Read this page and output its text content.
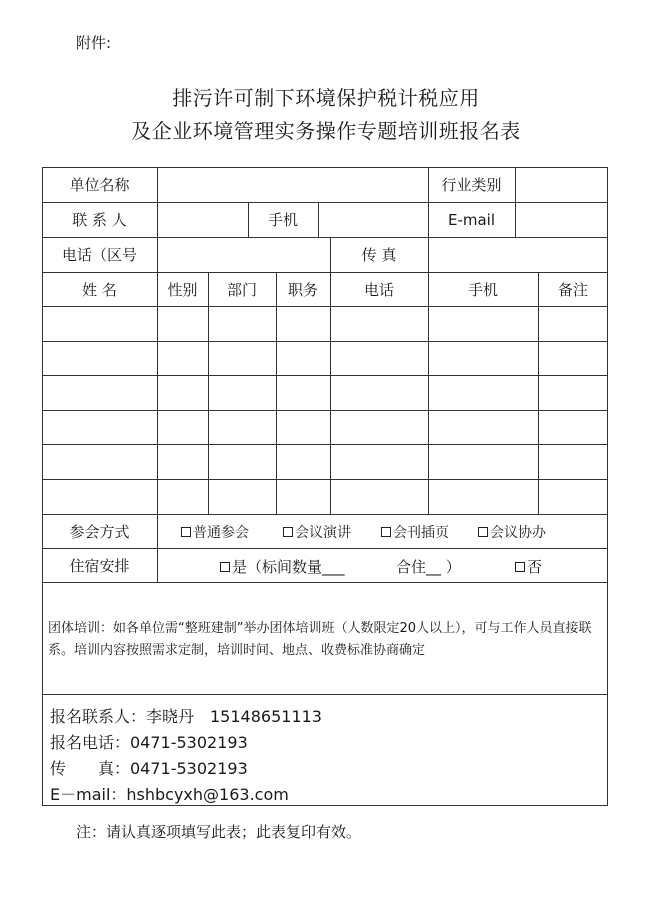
附件:
排污许可制下环境保护税计税应用
及企业环境管理实务操作专题培训班报名表
单位名称	行业类别
联 系 人	手机	E-mail
电话（区号	传 真
姓 名	性别	部门	职务	电话	手机	备注
参会方式	普通参会	会议演讲	会刊插页	会议协办
住宿安排	是（标间数量___	合住__ ）	否
团体培训：如各单位需“整班建制”举办团体培训班（人数限定20人以上），可与工作人员直接联系。培训内容按照需求定制，培训时间、地点、收费标准协商确定
报名联系人：李晓丹　15148651113
报名电话：0471-5302193
传　　真：0471-5302193
E－mail：hshbcyxh@163.com
注：请认真逐项填写此表；此表复印有效。
